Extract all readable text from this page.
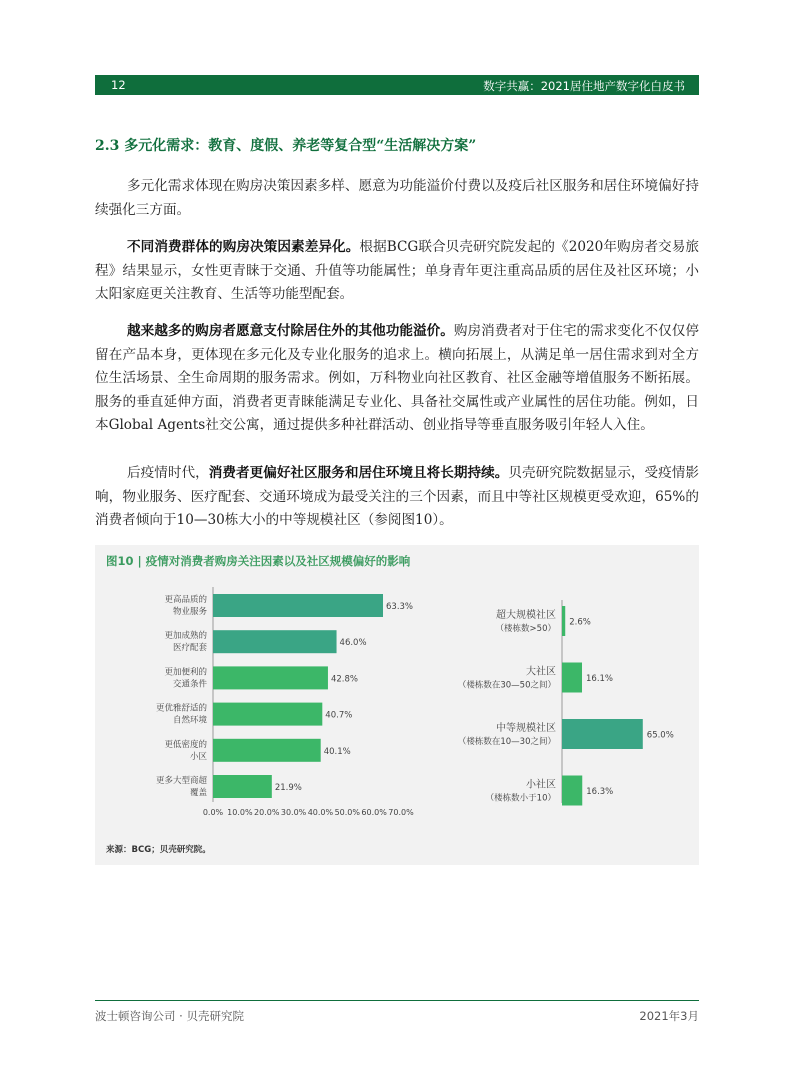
12	数字共赢：2021居住地产数字化白皮书
2.3 多元化需求：教育、度假、养老等复合型“生活解决方案”

多元化需求体现在购房决策因素多样、愿意为功能溢价付费以及疫后社区服务和居住环境偏好持续强化三方面。

不同消费群体的购房决策因素差异化。根据BCG联合贝壳研究院发起的《2020年购房者交易旅程》结果显示，女性更青睐于交通、升值等功能属性；单身青年更注重高品质的居住及社区环境；小太阳家庭更关注教育、生活等功能型配套。

越来越多的购房者愿意支付除居住外的其他功能溢价。购房消费者对于住宅的需求变化不仅仅停留在产品本身，更体现在多元化及专业化服务的追求上。横向拓展上，从满足单一居住需求到对全方位生活场景、全生命周期的服务需求。例如，万科物业向社区教育、社区金融等增值服务不断拓展。服务的垂直延伸方面，消费者更青睐能满足专业化、具备社交属性或产业属性的居住功能。例如，日本Global Agents社交公寓，通过提供多种社群活动、创业指导等垂直服务吸引年轻人入住。

后疫情时代，消费者更偏好社区服务和居住环境且将长期持续。贝壳研究院数据显示，受疫情影响，物业服务、医疗配套、交通环境成为最受关注的三个因素，而且中等社区规模更受欢迎，65%的消费者倾向于10—30栋大小的中等规模社区（参阅图10）。

图10 | 疫情对消费者购房关注因素以及社区规模偏好的影响
63.3%
更高品质的
物业服务
46.0%
更加成熟的
医疗配套
42.8%
更加便利的
交通条件
40.7%
更优雅舒适的
自然环境
40.1%
更低密度的
小区
21.9%
更多大型商超
覆盖
0.0% 10.0% 20.0% 30.0% 40.0% 50.0% 60.0% 70.0%
2.6%
超大规模社区
（楼栋数>50）
16.1%
大社区
（楼栋数在30—50之间）
65.0%
中等规模社区
（楼栋数在10—30之间）
16.3%
小社区
（楼栋数小于10）
来源：BCG；贝壳研究院。
波士顿咨询公司 · 贝壳研究院	2021年3月
